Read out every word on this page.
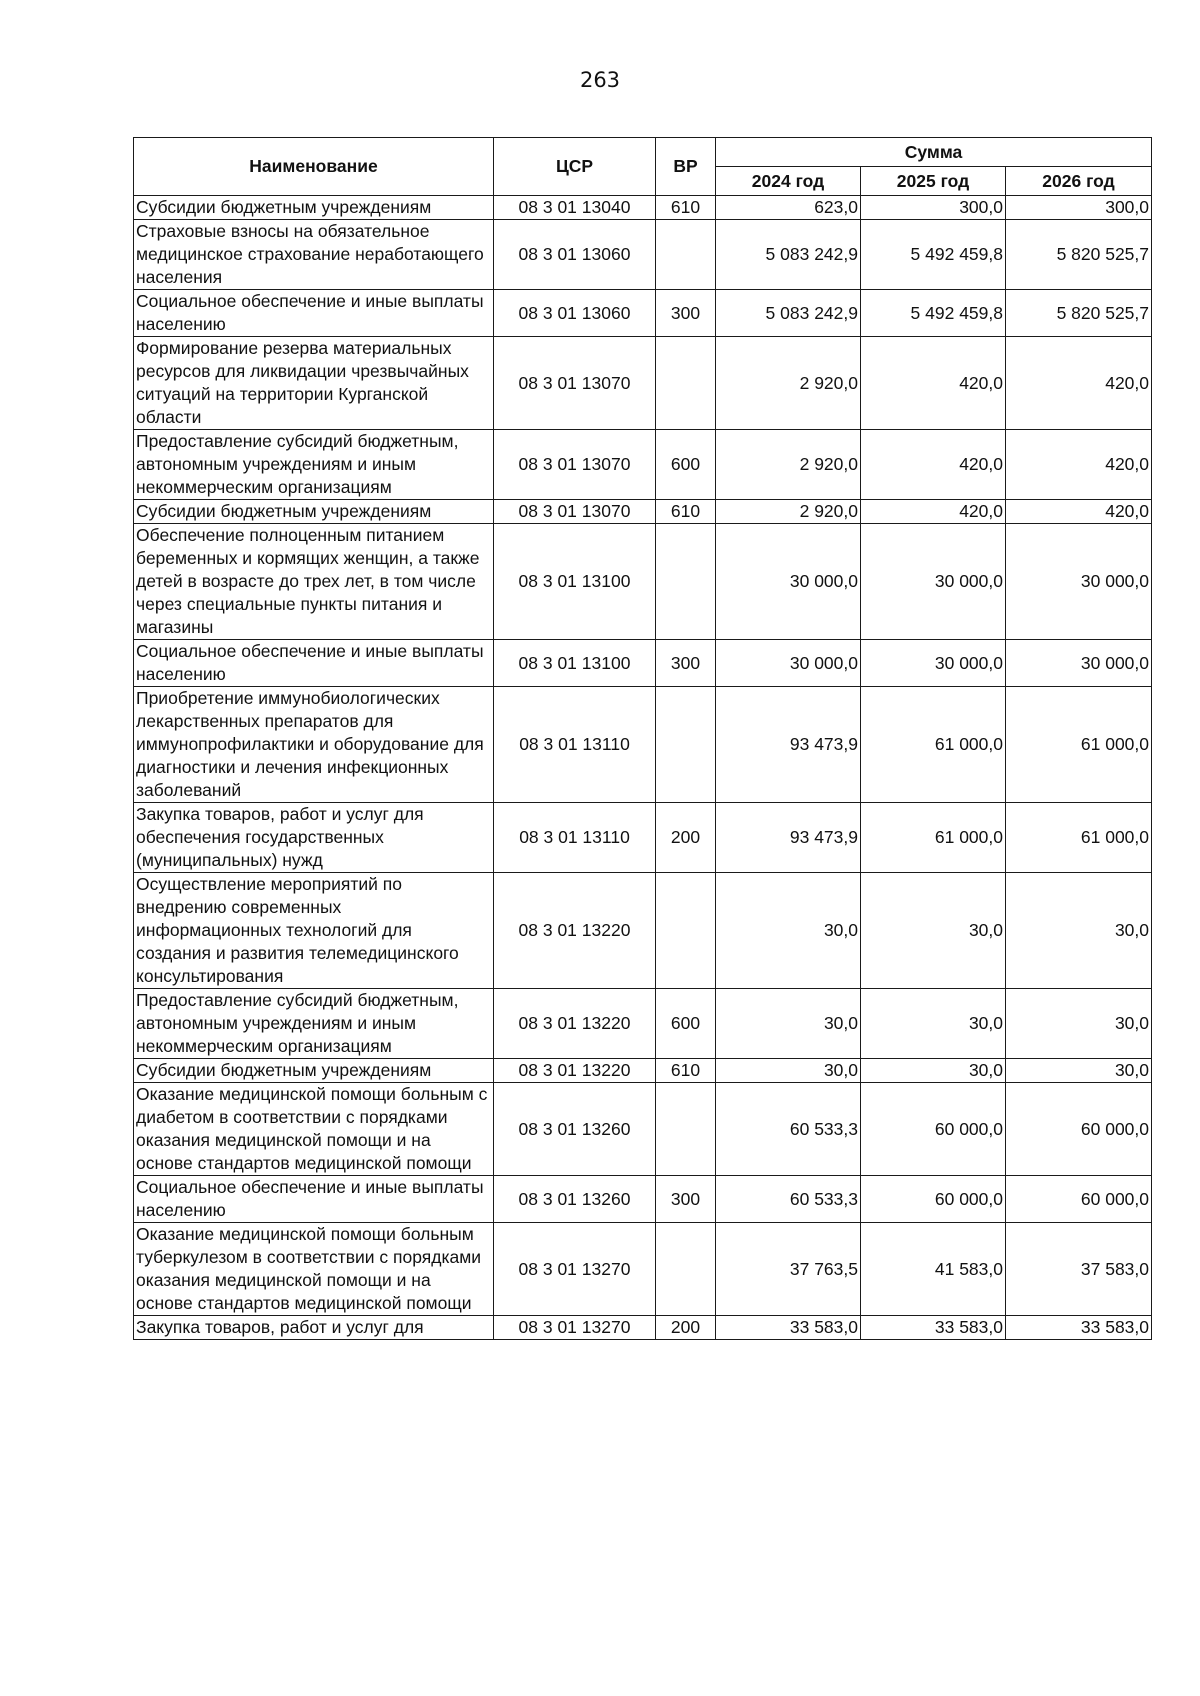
263
Наименование	ЦСР	ВР	Сумма		
			2024 год	2025 год	2026 год
Субсидии бюджетным учреждениям	08 3 01 13040	610	623,0	300,0	300,0
Страховые взносы на обязательное медицинское страхование неработающего населения	08 3 01 13060		5 083 242,9	5 492 459,8	5 820 525,7
Социальное обеспечение и иные выплаты населению	08 3 01 13060	300	5 083 242,9	5 492 459,8	5 820 525,7
Формирование резерва материальных ресурсов для ликвидации чрезвычайных ситуаций на территории Курганской области	08 3 01 13070		2 920,0	420,0	420,0
Предоставление субсидий бюджетным, автономным учреждениям и иным некоммерческим организациям	08 3 01 13070	600	2 920,0	420,0	420,0
Субсидии бюджетным учреждениям	08 3 01 13070	610	2 920,0	420,0	420,0
Обеспечение полноценным питанием беременных и кормящих женщин, а также детей в возрасте до трех лет, в том числе через специальные пункты питания и магазины	08 3 01 13100		30 000,0	30 000,0	30 000,0
Социальное обеспечение и иные выплаты населению	08 3 01 13100	300	30 000,0	30 000,0	30 000,0
Приобретение иммунобиологических лекарственных препаратов для иммунопрофилактики и оборудование для диагностики и лечения инфекционных заболеваний	08 3 01 13110		93 473,9	61 000,0	61 000,0
Закупка товаров, работ и услуг для обеспечения государственных (муниципальных) нужд	08 3 01 13110	200	93 473,9	61 000,0	61 000,0
Осуществление мероприятий по внедрению современных информационных технологий для создания и развития телемедицинского консультирования	08 3 01 13220		30,0	30,0	30,0
Предоставление субсидий бюджетным, автономным учреждениям и иным некоммерческим организациям	08 3 01 13220	600	30,0	30,0	30,0
Субсидии бюджетным учреждениям	08 3 01 13220	610	30,0	30,0	30,0
Оказание медицинской помощи больным с диабетом в соответствии с порядками оказания медицинской помощи и на основе стандартов медицинской помощи	08 3 01 13260		60 533,3	60 000,0	60 000,0
Социальное обеспечение и иные выплаты населению	08 3 01 13260	300	60 533,3	60 000,0	60 000,0
Оказание медицинской помощи больным туберкулезом в соответствии с порядками оказания медицинской помощи и на основе стандартов медицинской помощи	08 3 01 13270		37 763,5	41 583,0	37 583,0
Закупка товаров, работ и услуг для	08 3 01 13270	200	33 583,0	33 583,0	33 583,0
